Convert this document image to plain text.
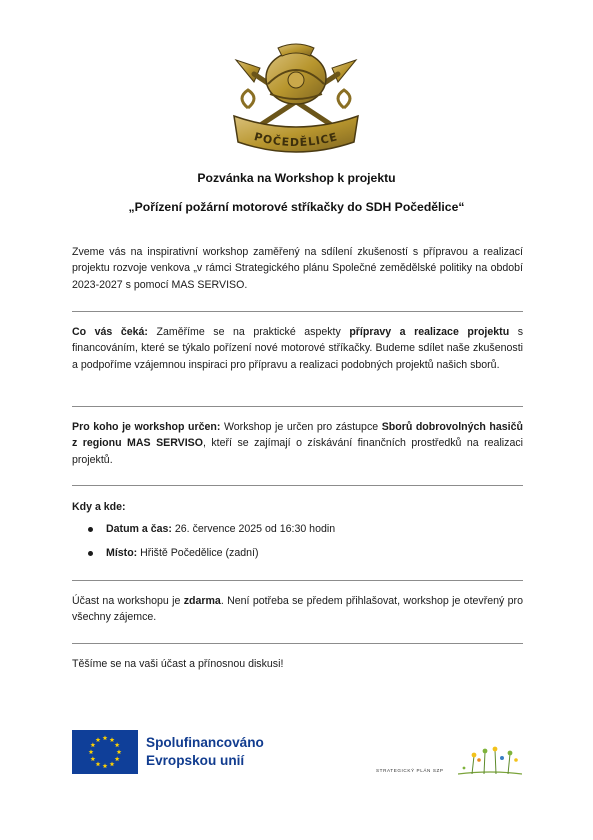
POČEDĚLICE
Pozvánka na Workshop k projektu
„Pořízení požární motorové stříkačky do SDH Počedělice“
Zveme vás na inspirativní workshop zaměřený na sdílení zkušeností s přípravou a realizací projektu rozvoje venkova „v rámci Strategického plánu Společné zemědělské politiky na období 2023-2027 s pomocí MAS SERVISO.
Co vás čeká: Zaměříme se na praktické aspekty přípravy a realizace projektu s financováním, které se týkalo pořízení nové motorové stříkačky. Budeme sdílet naše zkušenosti a podpoříme vzájemnou inspiraci pro přípravu a realizaci podobných projektů našich sborů.
Pro koho je workshop určen: Workshop je určen pro zástupce Sborů dobrovolných hasičů z regionu MAS SERVISO, kteří se zajímají o získávání finančních prostředků na realizaci projektů.
Kdy a kde:
Datum a čas: 26. července 2025 od 16:30 hodin
Místo: Hřiště Počedělice (zadní)
Účast na workshopu je zdarma. Není potřeba se předem přihlašovat, workshop je otevřený pro všechny zájemce.
Těšíme se na vaši účast a přínosnou diskusi!
Spolufinancováno
Evropskou unií
STRATEGICKÝ PLÁN SZP
